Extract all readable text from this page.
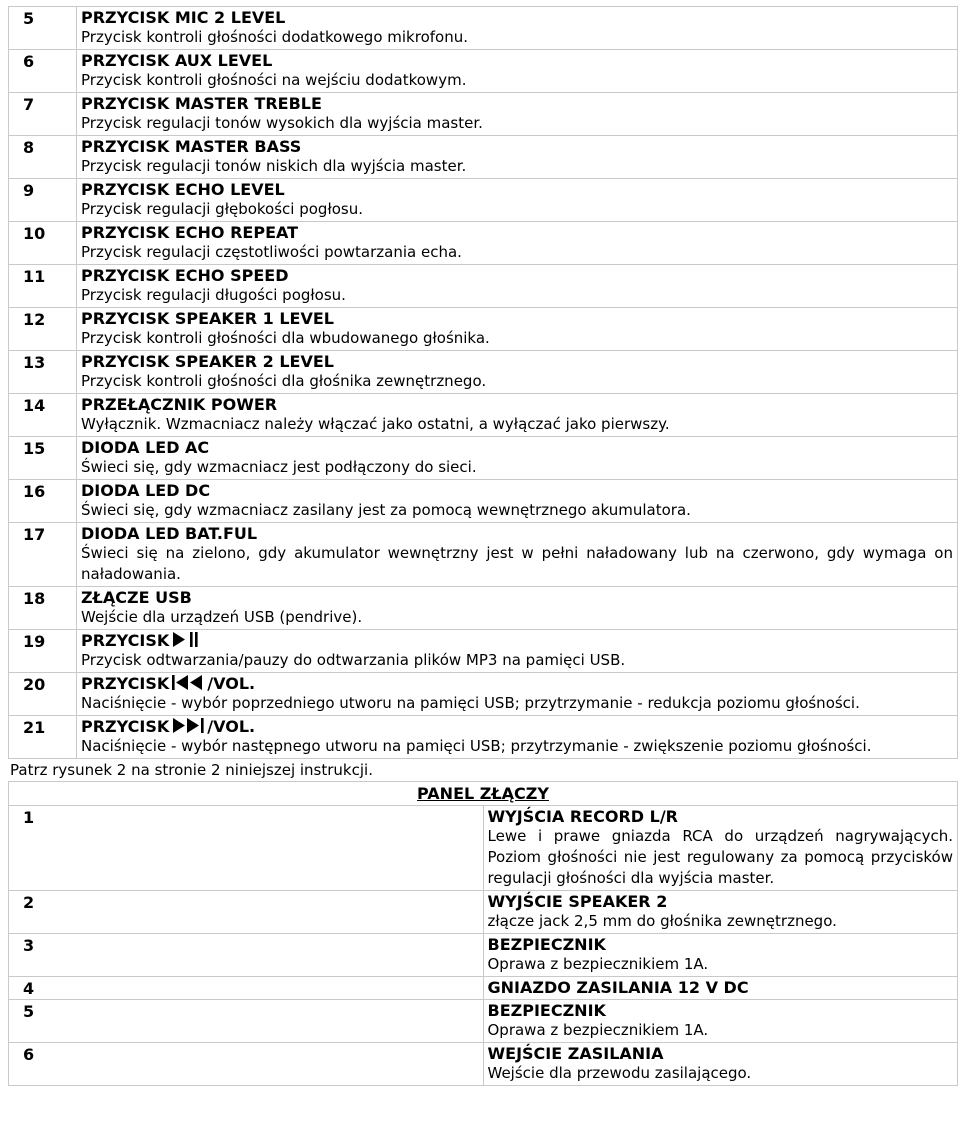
5	PRZYCISK MIC 2 LEVEL
Przycisk kontroli głośności dodatkowego mikrofonu.

6	PRZYCISK AUX LEVEL
Przycisk kontroli głośności na wejściu dodatkowym.

7	PRZYCISK MASTER TREBLE
Przycisk regulacji tonów wysokich dla wyjścia master.

8	PRZYCISK MASTER BASS
Przycisk regulacji tonów niskich dla wyjścia master.

9	PRZYCISK ECHO LEVEL
Przycisk regulacji głębokości pogłosu.

10	PRZYCISK ECHO REPEAT
Przycisk regulacji częstotliwości powtarzania echa.

11	PRZYCISK ECHO SPEED
Przycisk regulacji długości pogłosu.

12	PRZYCISK SPEAKER 1 LEVEL
Przycisk kontroli głośności dla wbudowanego głośnika.

13	PRZYCISK SPEAKER 2 LEVEL
Przycisk kontroli głośności dla głośnika zewnętrznego.

14	PRZEŁĄCZNIK POWER
Wyłącznik. Wzmacniacz należy włączać jako ostatni, a wyłączać jako pierwszy.

15	DIODA LED AC
Świeci się, gdy wzmacniacz jest podłączony do sieci.

16	DIODA LED DC
Świeci się, gdy wzmacniacz zasilany jest za pomocą wewnętrznego akumulatora.

17	DIODA LED BAT.FUL
Świeci się na zielono, gdy akumulator wewnętrzny jest w pełni naładowany lub na czerwono, gdy wymaga on naładowania.

18	ZŁĄCZE USB
Wejście dla urządzeń USB (pendrive).

19	PRZYCISK
Przycisk odtwarzania/pauzy do odtwarzania plików MP3 na pamięci USB.

20	PRZYCISK /VOL.
Naciśnięcie - wybór poprzedniego utworu na pamięci USB; przytrzymanie - redukcja poziomu głośności.

21	PRZYCISK /VOL.
Naciśnięcie - wybór następnego utworu na pamięci USB; przytrzymanie - zwiększenie poziomu głośności.

Patrz rysunek 2 na stronie 2 niniejszej instrukcji.

PANEL ZŁĄCZY	
1	WYJŚCIA RECORD L/R
Lewe i prawe gniazda RCA do urządzeń nagrywających. Poziom głośności nie jest regulowany za pomocą przycisków regulacji głośności dla wyjścia master.

2	WYJŚCIE SPEAKER 2
złącze jack 2,5 mm do głośnika zewnętrznego.

3	BEZPIECZNIK
Oprawa z bezpiecznikiem 1A.

4	GNIAZDO ZASILANIA 12 V DC

5	BEZPIECZNIK
Oprawa z bezpiecznikiem 1A.

6	WEJŚCIE ZASILANIA
Wejście dla przewodu zasilającego.
